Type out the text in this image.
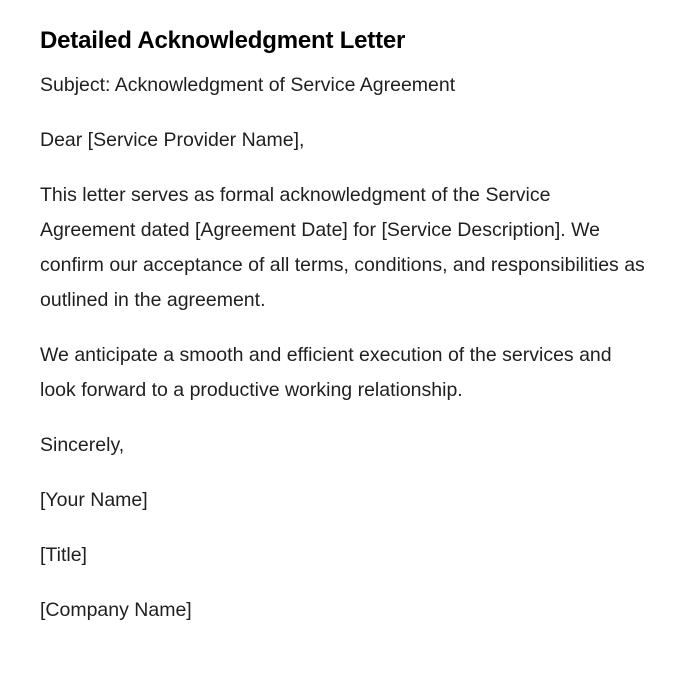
Detailed Acknowledgment Letter

Subject: Acknowledgment of Service Agreement

Dear [Service Provider Name],

This letter serves as formal acknowledgment of the Service Agreement dated [Agreement Date] for [Service Description]. We confirm our acceptance of all terms, conditions, and responsibilities as outlined in the agreement.

We anticipate a smooth and efficient execution of the services and look forward to a productive working relationship.

Sincerely,

[Your Name]

[Title]

[Company Name]
